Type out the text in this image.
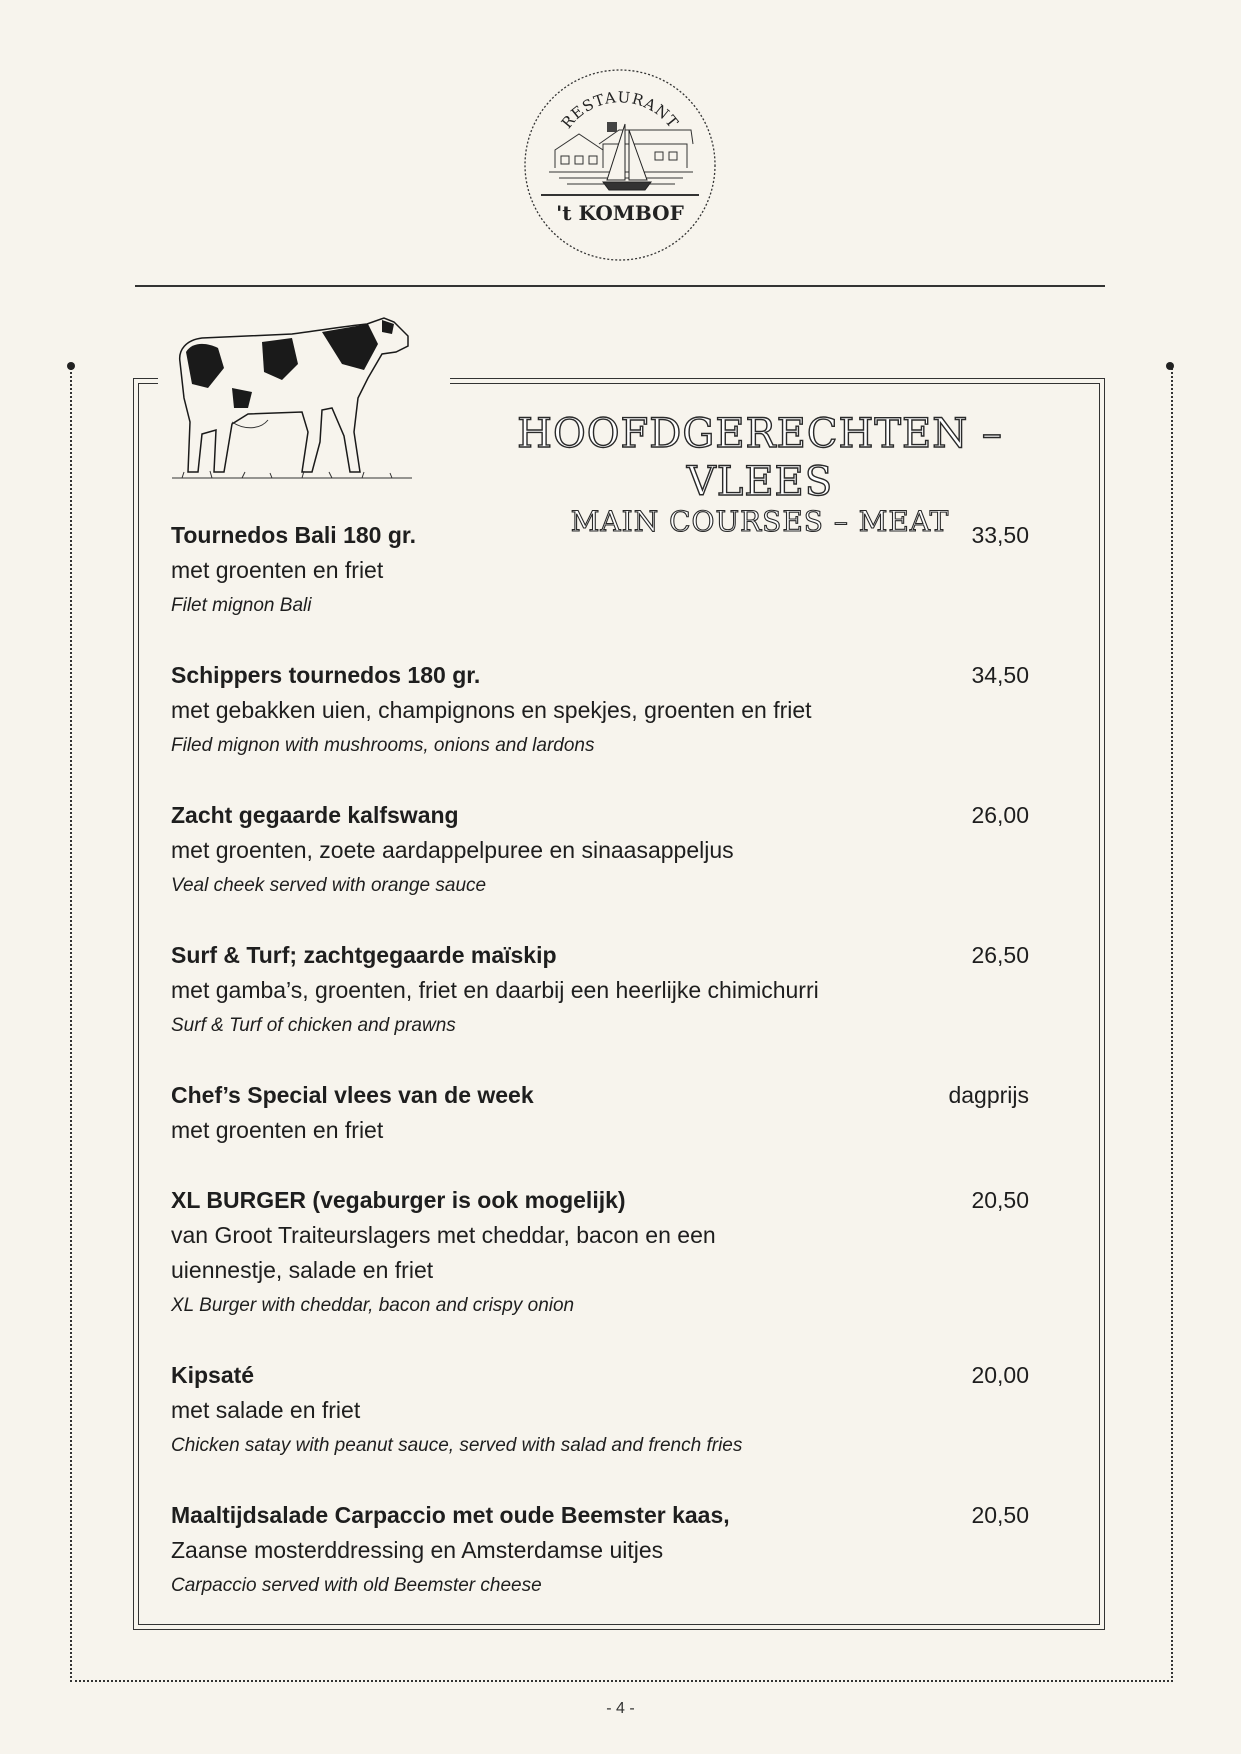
RESTAURANT
't KOMBOF
HOOFDGERECHTEN – VLEES
MAIN COURSES – MEAT
Tournedos Bali 180 gr.	33,50
met groenten en friet
Filet mignon Bali
Schippers tournedos 180 gr.	34,50
met gebakken uien, champignons en spekjes, groenten en friet
Filed mignon with mushrooms, onions and lardons
Zacht gegaarde kalfswang	26,00
met groenten, zoete aardappelpuree en sinaasappeljus
Veal cheek served with orange sauce
Surf & Turf; zachtgegaarde maïskip	26,50
met gamba’s, groenten, friet en daarbij een heerlijke chimichurri
Surf & Turf of chicken and prawns
Chef’s Special vlees van de week	dagprijs
met groenten en friet
XL BURGER (vegaburger is ook mogelijk)	20,50
van Groot Traiteurslagers met cheddar, bacon en een
uiennestje, salade en friet
XL Burger with cheddar, bacon and crispy onion
Kipsaté	20,00
met salade en friet
Chicken satay with peanut sauce, served with salad and french fries
Maaltijdsalade Carpaccio met oude Beemster kaas,	20,50
Zaanse mosterddressing en Amsterdamse uitjes
Carpaccio served with old Beemster cheese
- 4 -
